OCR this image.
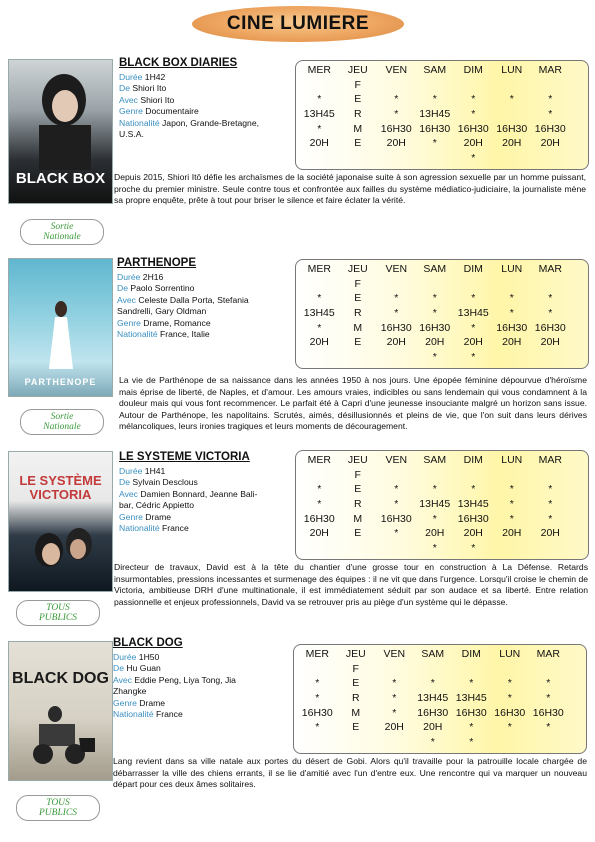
CINE LUMIERE
BLACK BOX
BLACK BOX DIARIES
Durée 1H42
De Shiori Ito
Avec Shiori Ito
Genre Documentaire
Nationalité Japon, Grande-Bretagne,
U.S.A.
MER	JEU	VEN	SAM	DIM	LUN	MAR
	F					
*	E	*	*	*	*	*
13H45	R	*	13H45	*		*
*	M	16H30	16H30	16H30	16H30	16H30
20H	E	20H	*	20H	20H	20H
				*		
Depuis 2015, Shiori Itō défie les archaïsmes de la société japonaise suite à son agression sexuelle par un homme puissant, proche du premier ministre. Seule contre tous et confrontée aux failles du système médiatico-judiciaire, la journaliste mène sa propre enquête, prête à tout pour briser le silence et faire éclater la vérité.
Sortie
Nationale
PARTHENOPE
PARTHENOPE
Durée 2H16
De Paolo Sorrentino
Avec Celeste Dalla Porta, Stefania
Sandrelli, Gary Oldman
Genre Drame, Romance
Nationalité France, Italie
MER	JEU	VEN	SAM	DIM	LUN	MAR
	F					
*	E	*	*	*	*	*
13H45	R	*	*	13H45	*	*
*	M	16H30	16H30	*	16H30	16H30
20H	E	20H	20H	20H	20H	20H
			*	*		
La vie de Parthénope de sa naissance dans les années 1950 à nos jours. Une épopée féminine dépourvue d'héroïsme mais éprise de liberté, de Naples, et d'amour. Les amours vraies, indicibles ou sans lendemain qui vous condamnent à la douleur mais qui vous font recommencer. Le parfait été à Capri d'une jeunesse insouciante malgré un horizon sans issue. Autour de Parthénope, les napolitains. Scrutés, aimés, désillusionnés et pleins de vie, que l'on suit dans leurs dérives mélancoliques, leurs ironies tragiques et leurs moments de découragement.
Sortie
Nationale
LE SYSTÈME VICTORIA
LE SYSTEME VICTORIA
Durée 1H41
De Sylvain Desclous
Avec Damien Bonnard, Jeanne Bali-
bar, Cédric Appietto
Genre Drame
Nationalité France
MER	JEU	VEN	SAM	DIM	LUN	MAR
	F					
*	E	*	*	*	*	*
*	R	*	13H45	13H45	*	*
16H30	M	16H30	*	16H30	*	*
20H	E	*	20H	20H	20H	20H
			*	*		
Directeur de travaux, David est à la tête du chantier d'une grosse tour en construction à La Défense. Retards insurmontables, pressions incessantes et surmenage des équipes : il ne vit que dans l'urgence. Lorsqu'il croise le chemin de Victoria, ambitieuse DRH d'une multinationale, il est immédiatement séduit par son audace et sa liberté. Entre relation passionnelle et enjeux professionnels, David va se retrouver pris au piège d'un système qui le dépasse.
TOUS
PUBLICS
BLACK DOG
BLACK DOG
Durée 1H50
De Hu Guan
Avec Eddie Peng, Liya Tong, Jia
Zhangke
Genre Drame
Nationalité France
MER	JEU	VEN	SAM	DIM	LUN	MAR
	F					
*	E	*	*	*	*	*
*	R	*	13H45	13H45	*	*
16H30	M	*	16H30	16H30	16H30	16H30
*	E	20H	20H	*	*	*
			*	*		
Lang revient dans sa ville natale aux portes du désert de Gobi. Alors qu'il travaille pour la patrouille locale chargée de débarrasser la ville des chiens errants, il se lie d'amitié avec l'un d'entre eux. Une rencontre qui va marquer un nouveau départ pour ces deux âmes solitaires.
TOUS
PUBLICS
